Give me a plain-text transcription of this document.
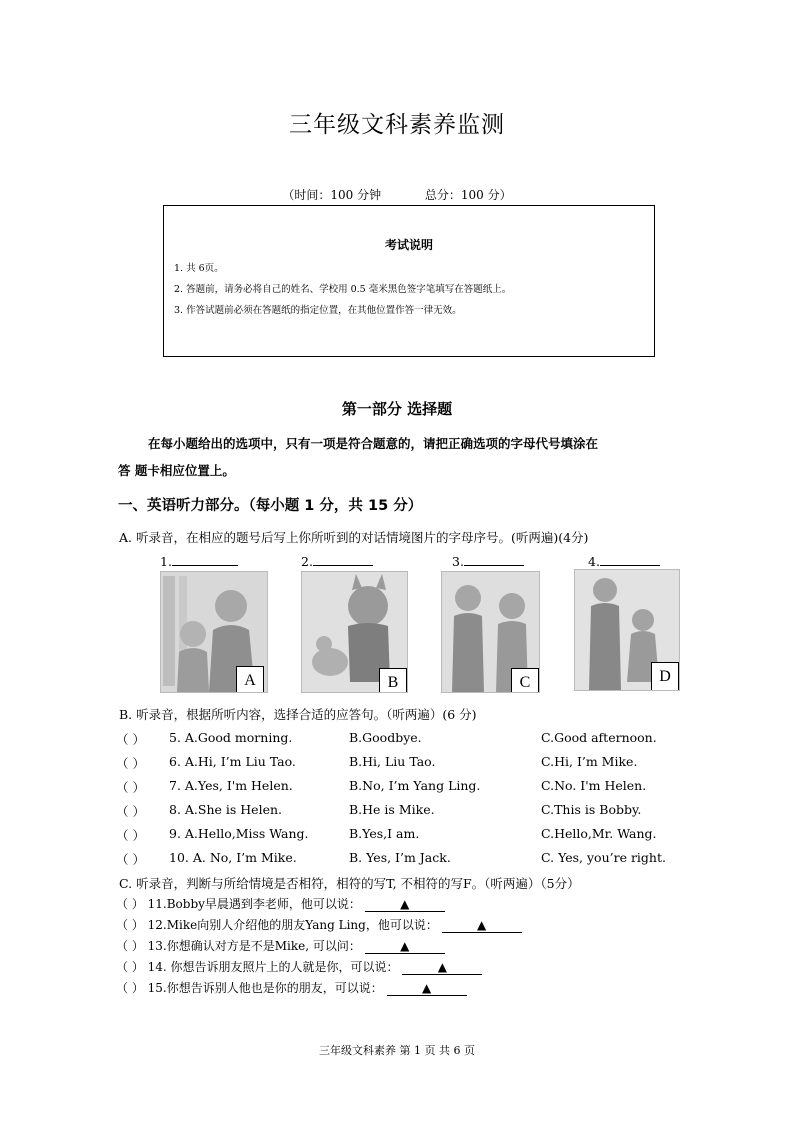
三年级文科素养监测
（时间：100 分钟	总分：100 分）
考试说明
1. 共 6页。
2. 答题前，请务必将自己的姓名、学校用 0.5 毫米黑色签字笔填写在答题纸上。
3. 作答试题前必须在答题纸的指定位置，在其他位置作答一律无效。
第一部分 选择题
在每小题给出的选项中，只有一项是符合题意的，请把正确选项的字母代号填涂在
答 题卡相应位置上。
一、英语听力部分。（每小题 1 分，共 15 分）
A. 听录音，在相应的题号后写上你所听到的对话情境图片的字母序号。(听两遍)(4分)
1.	2.	3.	4.
A	B	C	D
B. 听录音，根据所听内容，选择合适的应答句。（听两遍）(6 分)
（ ） 5. A.Good morning.	B.Goodbye.	C.Good afternoon.
（ ） 6. A.Hi, I’m Liu Tao.	B.Hi, Liu Tao.	C.Hi, I’m Mike.
（ ） 7. A.Yes, I'm Helen.	B.No, I’m Yang Ling.	C.No. I'm Helen.
（ ） 8. A.She is Helen.	B.He is Mike.	C.This is Bobby.
（ ） 9. A.Hello,Miss Wang.	B.Yes,I am.	C.Hello,Mr. Wang.
（ ） 10. A. No, I’m Mike.	B. Yes, I’m Jack.	C. Yes, you’re right.
C. 听录音，判断与所给情境是否相符，相符的写T, 不相符的写F。（听两遍）（5分）
（ ） 11.Bobby早晨遇到李老师，他可以说：	▲
（ ） 12.Mike向别人介绍他的朋友Yang Ling，他可以说：	▲
（ ） 13.你想确认对方是不是Mike, 可以问：	▲
（ ） 14. 你想告诉朋友照片上的人就是你，可以说：	▲
（ ） 15.你想告诉别人他也是你的朋友，可以说：	▲
三年级文科素养 第 1 页 共 6 页
